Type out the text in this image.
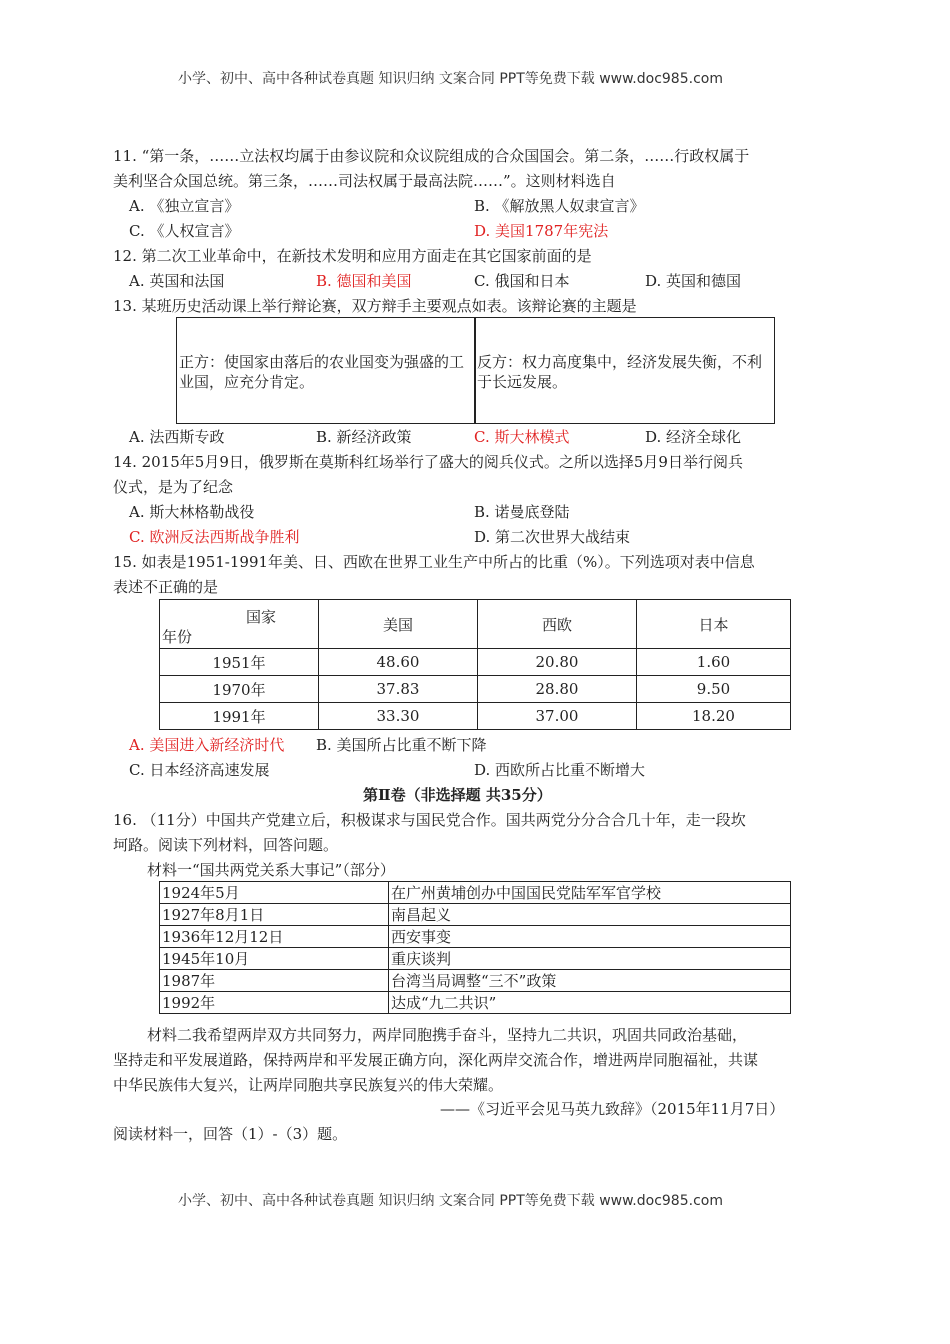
小学、初中、高中各种试卷真题 知识归纳 文案合同 PPT等免费下载 www.doc985.com
11. “第一条，……立法权均属于由参议院和众议院组成的合众国国会。第二条，……行政权属于
美利坚合众国总统。第三条，……司法权属于最高法院……”。这则材料选自
A. 《独立宣言》	B. 《解放黑人奴隶宣言》
C. 《人权宣言》	D. 美国1787年宪法
12. 第二次工业革命中，在新技术发明和应用方面走在其它国家前面的是
A. 英国和法国	B. 德国和美国	C. 俄国和日本	D. 英国和德国
13. 某班历史活动课上举行辩论赛，双方辩手主要观点如表。该辩论赛的主题是
正方：使国家由落后的农业国变为强盛的工业国，应充分肯定。
反方：权力高度集中，经济发展失衡，不利于长远发展。
A. 法西斯专政	B. 新经济政策	C. 斯大林模式	D. 经济全球化
14. 2015年5月9日，俄罗斯在莫斯科红场举行了盛大的阅兵仪式。之所以选择5月9日举行阅兵
仪式，是为了纪念
A. 斯大林格勒战役	B. 诺曼底登陆
C. 欧洲反法西斯战争胜利	D. 第二次世界大战结束
15. 如表是1951-1991年美、日、西欧在世界工业生产中所占的比重（%）。下列选项对表中信息
表述不正确的是
国家
年份	美国	西欧	日本
1951年	48.60	20.80	1.60
1970年	37.83	28.80	9.50
1991年	33.30	37.00	18.20
A. 美国进入新经济时代 B. 美国所占比重不断下降
C. 日本经济高速发展	D. 西欧所占比重不断增大
第Ⅱ卷（非选择题 共35分）
16. （11分）中国共产党建立后，积极谋求与国民党合作。国共两党分分合合几十年，走一段坎
坷路。阅读下列材料，回答问题。
材料一“国共两党关系大事记”（部分）
1924年5月	在广州黄埔创办中国国民党陆军军官学校
1927年8月1日	南昌起义
1936年12月12日	西安事变
1945年10月	重庆谈判
1987年	台湾当局调整“三不”政策
1992年	达成“九二共识”
材料二我希望两岸双方共同努力，两岸同胞携手奋斗，坚持九二共识，巩固共同政治基础，
坚持走和平发展道路，保持两岸和平发展正确方向，深化两岸交流合作，增进两岸同胞福祉，共谋
中华民族伟大复兴，让两岸同胞共享民族复兴的伟大荣耀。
——《习近平会见马英九致辞》（2015年11月7日）
阅读材料一，回答（1）-（3）题。
小学、初中、高中各种试卷真题 知识归纳 文案合同 PPT等免费下载 www.doc985.com
